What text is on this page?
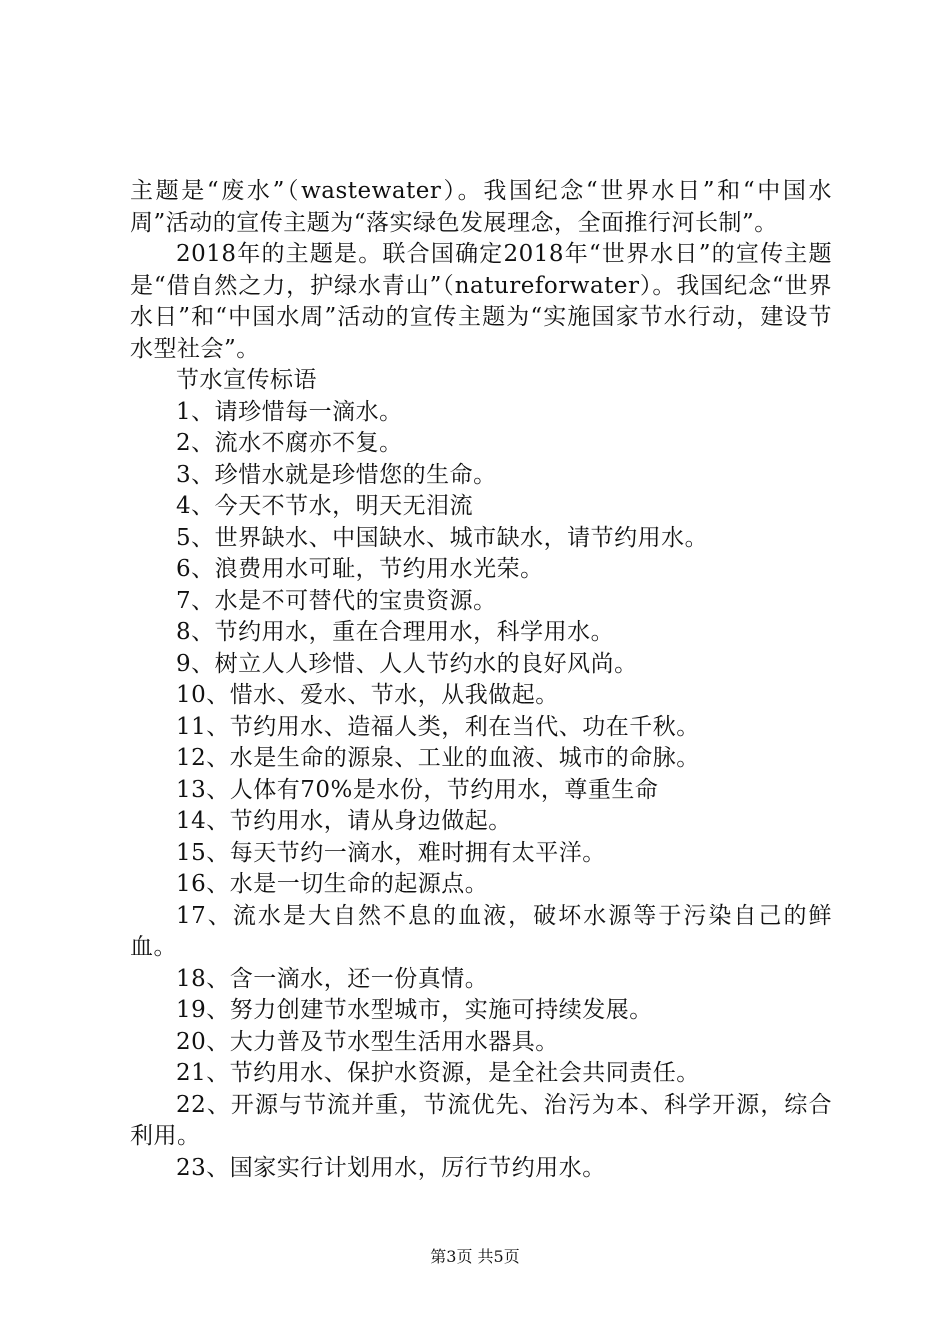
主题是“废水”（wastewater）。我国纪念“世界水日”和“中国水周”活动的宣传主题为“落实绿色发展理念，全面推行河长制”。

2018年的主题是。联合国确定2018年“世界水日”的宣传主题是“借自然之力，护绿水青山”（natureforwater）。我国纪念“世界水日”和“中国水周”活动的宣传主题为“实施国家节水行动，建设节水型社会”。

节水宣传标语

1、请珍惜每一滴水。

2、流水不腐亦不复。

3、珍惜水就是珍惜您的生命。

4、今天不节水，明天无泪流

5、世界缺水、中国缺水、城市缺水，请节约用水。

6、浪费用水可耻，节约用水光荣。

7、水是不可替代的宝贵资源。

8、节约用水，重在合理用水，科学用水。

9、树立人人珍惜、人人节约水的良好风尚。

10、惜水、爱水、节水，从我做起。

11、节约用水、造福人类，利在当代、功在千秋。

12、水是生命的源泉、工业的血液、城市的命脉。

13、人体有70%是水份，节约用水，尊重生命

14、节约用水，请从身边做起。

15、每天节约一滴水，难时拥有太平洋。

16、水是一切生命的起源点。

17、流水是大自然不息的血液，破坏水源等于污染自己的鲜血。

18、含一滴水，还一份真情。

19、努力创建节水型城市，实施可持续发展。

20、大力普及节水型生活用水器具。

21、节约用水、保护水资源，是全社会共同责任。

22、开源与节流并重，节流优先、治污为本、科学开源，综合利用。

23、国家实行计划用水，厉行节约用水。

第3页 共5页
